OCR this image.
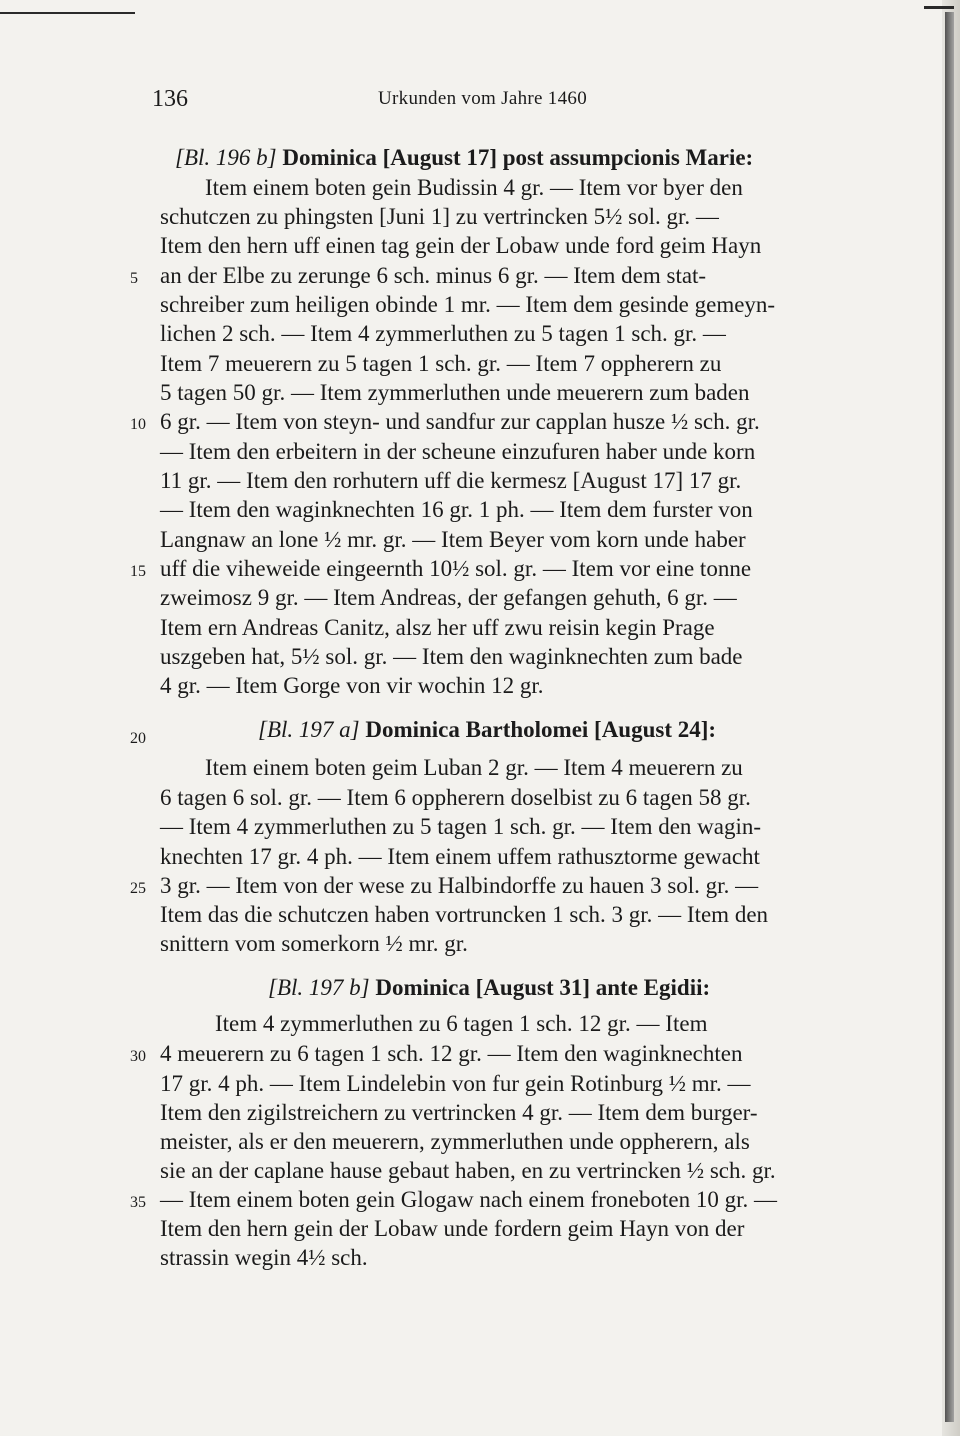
136	Urkunden vom Jahre 1460
[Bl. 196 b] Dominica [August 17] post assumpcionis Marie:
Item einem boten gein Budissin 4 gr. — Item vor byer den
schutczen zu phingsten [Juni 1] zu vertrincken 5½ sol. gr. —
Item den hern uff einen tag gein der Lobaw unde ford geim Hayn
an der Elbe zu zerunge 6 sch. minus 6 gr. — Item dem stat-
schreiber zum heiligen obinde 1 mr. — Item dem gesinde gemeyn-
lichen 2 sch. — Item 4 zymmerluthen zu 5 tagen 1 sch. gr. —
Item 7 meuerern zu 5 tagen 1 sch. gr. — Item 7 oppherern zu
5 tagen 50 gr. — Item zymmerluthen unde meuerern zum baden
6 gr. — Item von steyn- und sandfur zur capplan husze ½ sch. gr.
— Item den erbeitern in der scheune einzufuren haber unde korn
11 gr. — Item den rorhutern uff die kermesz [August 17] 17 gr.
— Item den waginknechten 16 gr. 1 ph. — Item dem furster von
Langnaw an lone ½ mr. gr. — Item Beyer vom korn unde haber
uff die viheweide eingeernth 10½ sol. gr. — Item vor eine tonne
zweimosz 9 gr. — Item Andreas, der gefangen gehuth, 6 gr. —
Item ern Andreas Canitz, alsz her uff zwu reisin kegin Prage
uszgeben hat, 5½ sol. gr. — Item den waginknechten zum bade
4 gr. — Item Gorge von vir wochin 12 gr.
[Bl. 197 a] Dominica Bartholomei [August 24]:
Item einem boten geim Luban 2 gr. — Item 4 meuerern zu
6 tagen 6 sol. gr. — Item 6 oppherern doselbist zu 6 tagen 58 gr.
— Item 4 zymmerluthen zu 5 tagen 1 sch. gr. — Item den wagin-
knechten 17 gr. 4 ph. — Item einem uffem rathusztorme gewacht
3 gr. — Item von der wese zu Halbindorffe zu hauen 3 sol. gr. —
Item das die schutczen haben vortruncken 1 sch. 3 gr. — Item den
snittern vom somerkorn ½ mr. gr.
[Bl. 197 b] Dominica [August 31] ante Egidii:
Item 4 zymmerluthen zu 6 tagen 1 sch. 12 gr. — Item
4 meuerern zu 6 tagen 1 sch. 12 gr. — Item den waginknechten
17 gr. 4 ph. — Item Lindelebin von fur gein Rotinburg ½ mr. —
Item den zigilstreichern zu vertrincken 4 gr. — Item dem burger-
meister, als er den meuerern, zymmerluthen unde oppherern, als
sie an der caplane hause gebaut haben, en zu vertrincken ½ sch. gr.
— Item einem boten gein Glogaw nach einem froneboten 10 gr. —
Item den hern gein der Lobaw unde fordern geim Hayn von der
strassin wegin 4½ sch.
5
10
15
20
25
30
35
